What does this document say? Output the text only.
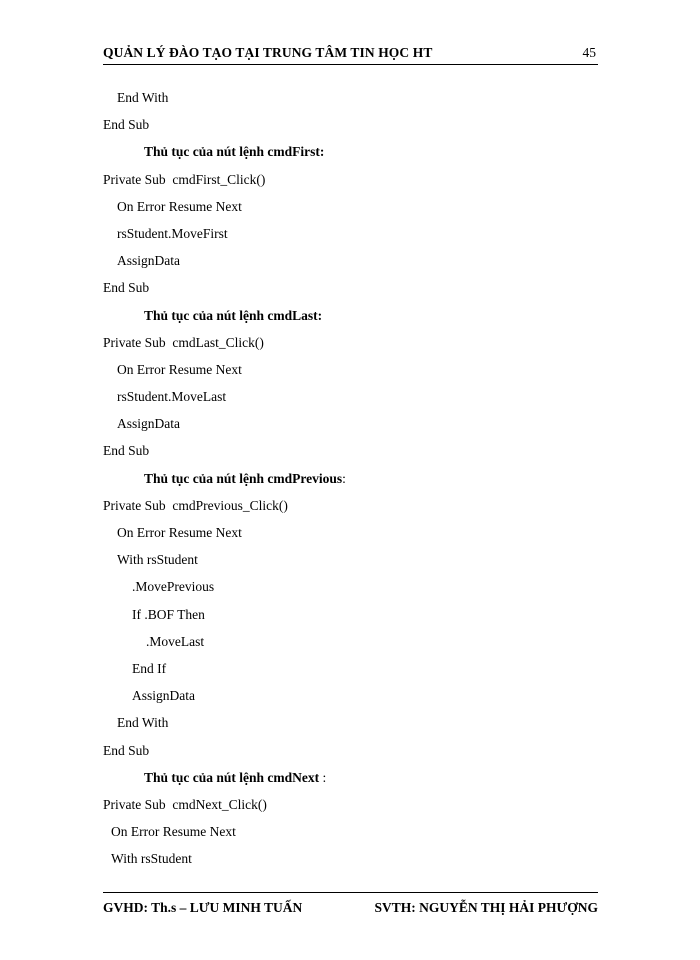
QUẢN LÝ ĐÀO TẠO TẠI TRUNG TÂM TIN HỌC HT	45
End With
End Sub
Thủ tục của nút lệnh cmdFirst:
Private Sub  cmdFirst_Click()
On Error Resume Next
rsStudent.MoveFirst
AssignData
End Sub
Thủ tục của nút lệnh cmdLast:
Private Sub  cmdLast_Click()
On Error Resume Next
rsStudent.MoveLast
AssignData
End Sub
Thủ tục của nút lệnh cmdPrevious:
Private Sub  cmdPrevious_Click()
On Error Resume Next
With rsStudent
.MovePrevious
If .BOF Then
.MoveLast
End If
AssignData
End With
End Sub
Thủ tục của nút lệnh cmdNext :
Private Sub  cmdNext_Click()
On Error Resume Next
With rsStudent
GVHD: Th.s – LƯU MINH TUẤN	SVTH: NGUYỄN THỊ HẢI PHƯỢNG
